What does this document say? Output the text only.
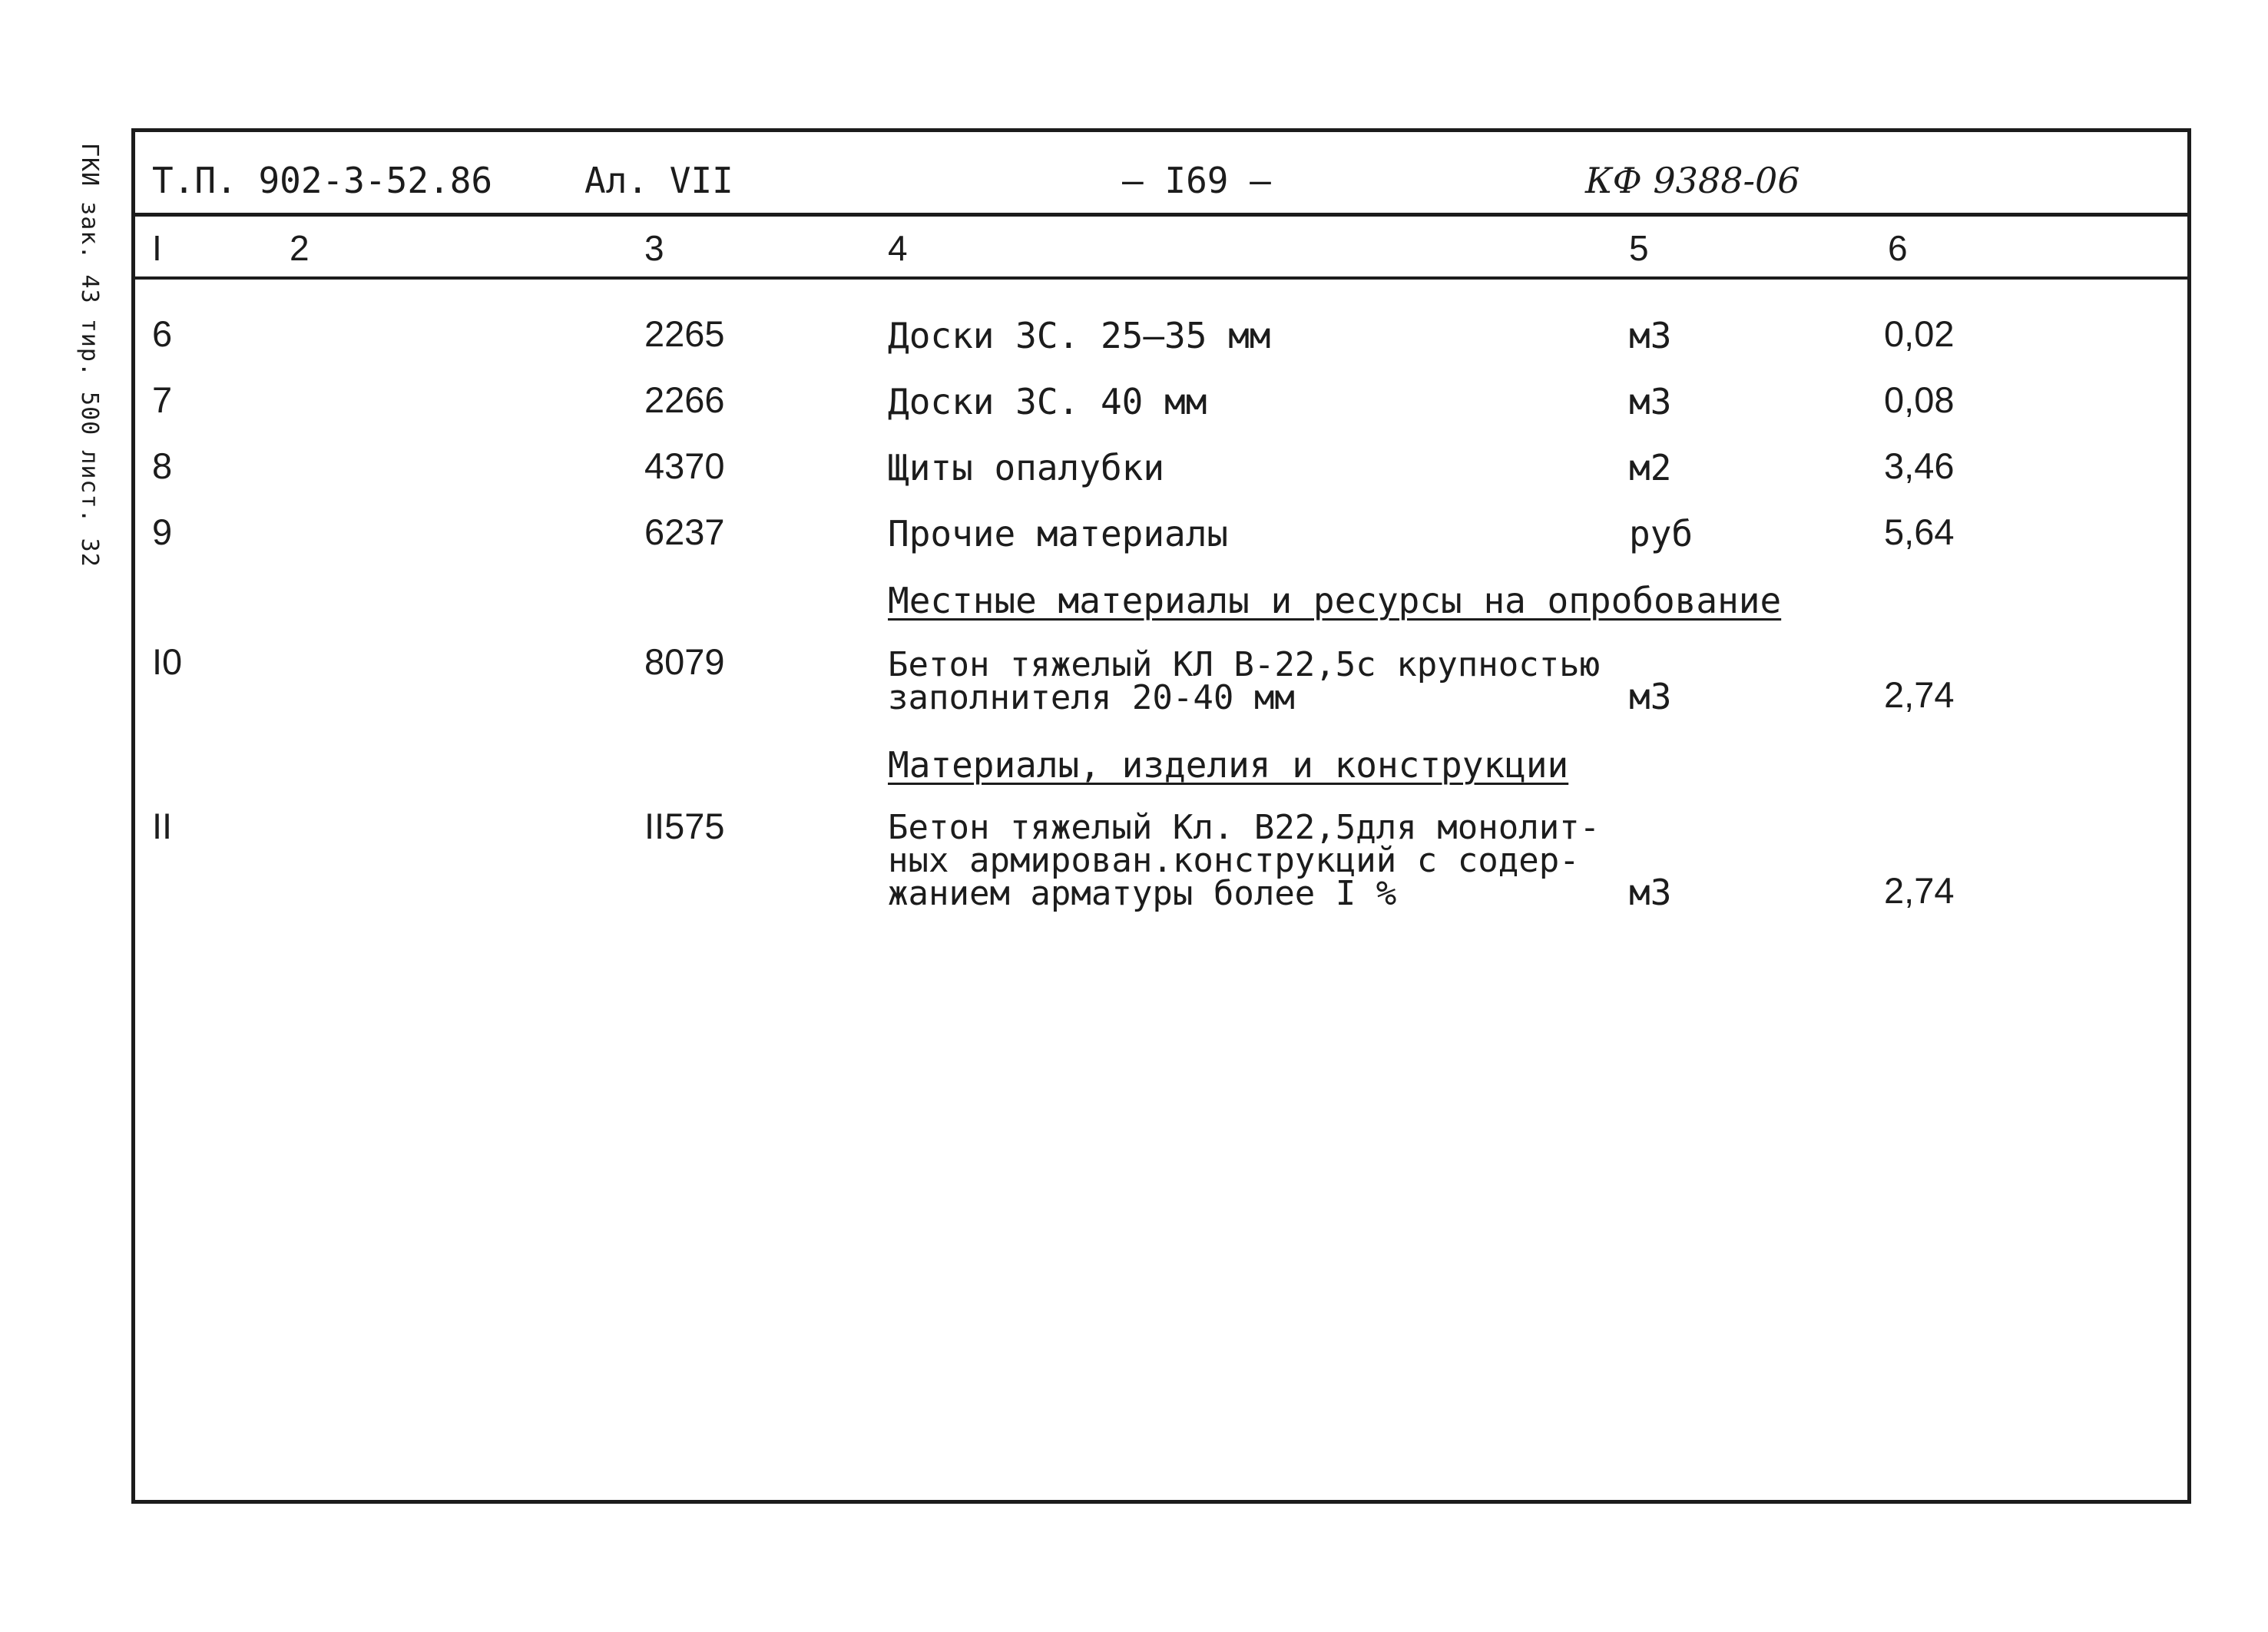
ГКИ зак. 43 тир. 500 лист. 32 Т.П. 902-3-52.86	Ал. VII	– I69 –	КФ 9388-06
I	2	3	4	5	6
6	2265	Доски 3С. 25–35 мм	м3	0,02
7	2266	Доски 3С. 40 мм	м3	0,08
8	4370	Щиты опалубки	м2	3,46
9	6237	Прочие материалы	руб	5,64
Местные материалы и ресурсы на опробование
I0	8079	Бетон тяжелый КЛ В-22,5с крупностью
заполнителя 20-40 мм	м3	2,74
Материалы, изделия и конструкции
II	II575	Бетон тяжелый Кл. В22,5для монолит-
ных армирован.конструкций с содер-
жанием арматуры более I %	м3	2,74
